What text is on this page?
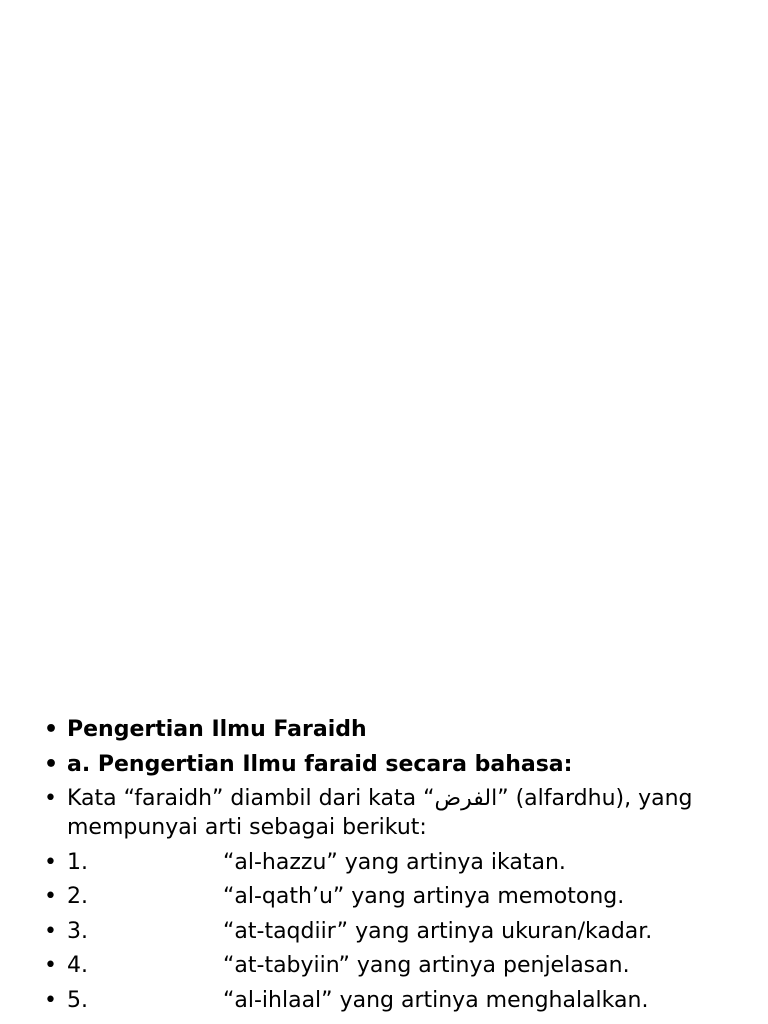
• Pengertian Ilmu Faraidh
• a. Pengertian Ilmu faraid secara bahasa:
• Kata “faraidh” diambil dari kata “الفرض” (alfardhu), yang mempunyai arti sebagai berikut:
• 1.	“al-hazzu” yang artinya ikatan.
• 2.	“al-qath’u” yang artinya memotong.
• 3.	“at-taqdiir” yang artinya ukuran/kadar.
• 4.	“at-tabyiin” yang artinya penjelasan.
• 5.	“al-ihlaal” yang artinya menghalalkan.
